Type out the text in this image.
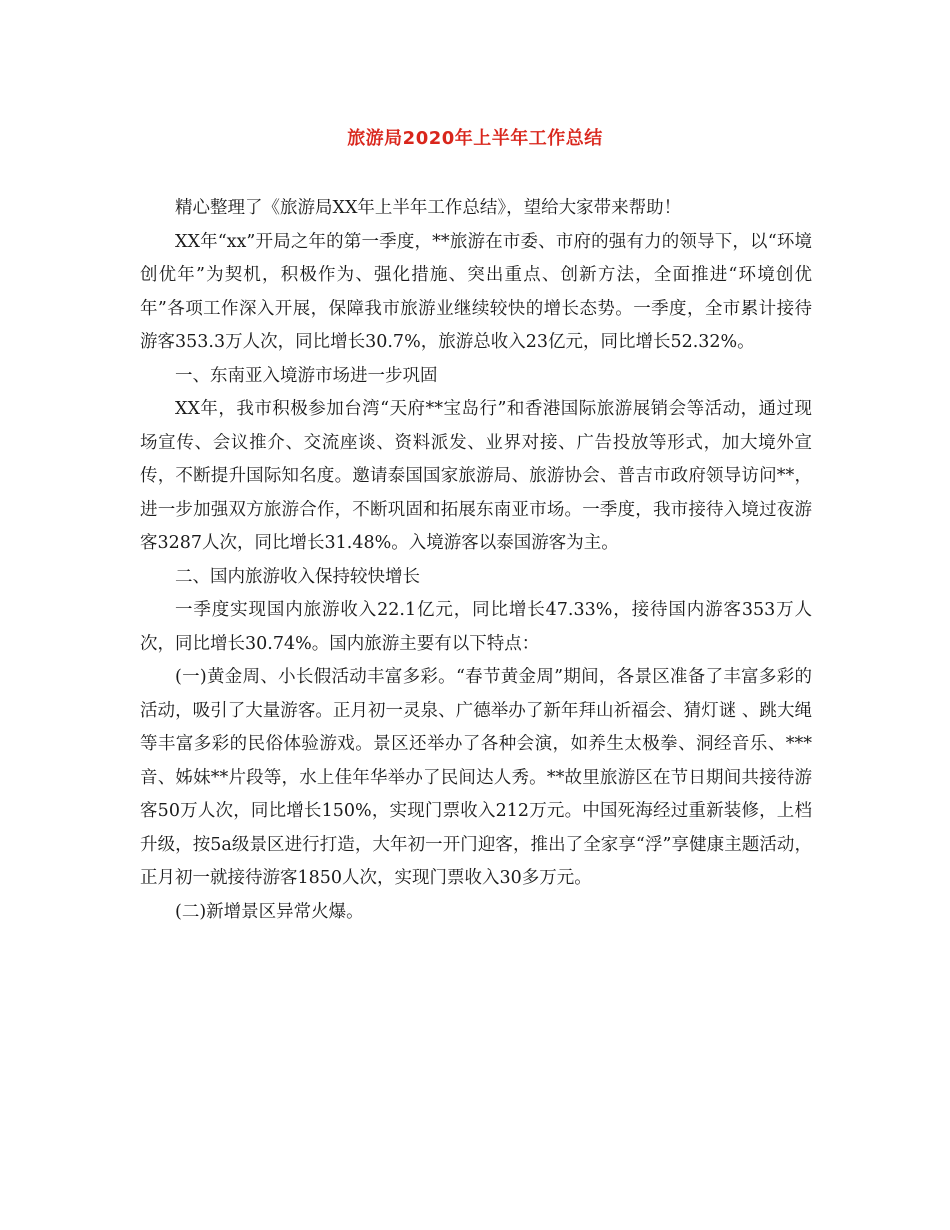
旅游局2020年上半年工作总结

精心整理了《旅游局XX年上半年工作总结》，望给大家带来帮助！

XX年“xx”开局之年的第一季度，**旅游在市委、市府的强有力的领导下，以“环境创优年”为契机，积极作为、强化措施、突出重点、创新方法，全面推进“环境创优年”各项工作深入开展，保障我市旅游业继续较快的增长态势。一季度，全市累计接待游客353.3万人次，同比增长30.7%，旅游总收入23亿元，同比增长52.32%。

一、东南亚入境游市场进一步巩固

XX年，我市积极参加台湾“天府**宝岛行”和香港国际旅游展销会等活动，通过现场宣传、会议推介、交流座谈、资料派发、业界对接、广告投放等形式，加大境外宣传，不断提升国际知名度。邀请泰国国家旅游局、旅游协会、普吉市政府领导访问**，进一步加强双方旅游合作，不断巩固和拓展东南亚市场。一季度，我市接待入境过夜游客3287人次，同比增长31.48%。入境游客以泰国游客为主。

二、国内旅游收入保持较快增长

一季度实现国内旅游收入22.1亿元，同比增长47.33%，接待国内游客353万人次，同比增长30.74%。国内旅游主要有以下特点：

(一)黄金周、小长假活动丰富多彩。“春节黄金周”期间，各景区准备了丰富多彩的活动，吸引了大量游客。正月初一灵泉、广德举办了新年拜山祈福会、猜灯谜 、跳大绳等丰富多彩的民俗体验游戏。景区还举办了各种会演，如养生太极拳、洞经音乐、***音、姊妹**片段等，水上佳年华举办了民间达人秀。**故里旅游区在节日期间共接待游客50万人次，同比增长150%，实现门票收入212万元。中国死海经过重新装修，上档升级，按5a级景区进行打造，大年初一开门迎客，推出了全家享“浮”享健康主题活动，正月初一就接待游客1850人次，实现门票收入30多万元。

(二)新增景区异常火爆。
